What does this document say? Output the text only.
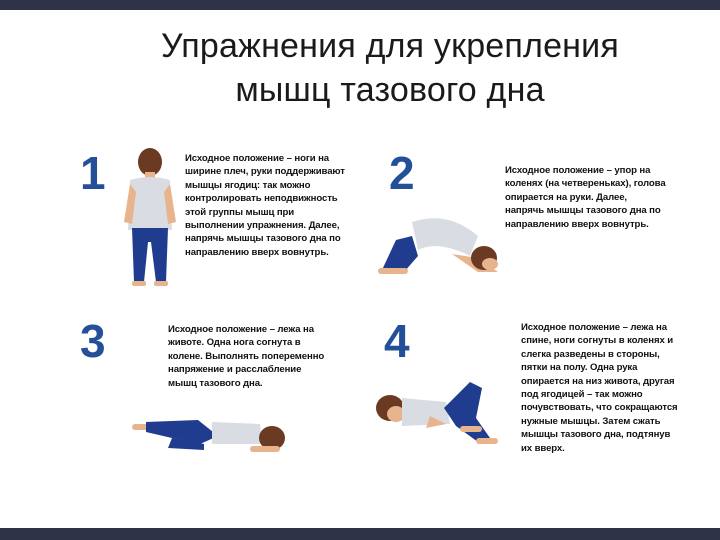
Упражнения для укрепления
мышц тазового дна
1	Исходное положение – ноги на ширине плеч, руки поддерживают мышцы ягодиц: так можно контролировать неподвижность этой группы мышц при выполнении упражнения. Далее, напрячь мышцы тазового дна по направлению вверх вовнутрь.
2	Исходное положение – упор на коленях (на четвереньках), голова опирается на руки. Далее, напрячь мышцы тазового дна по направлению вверх вовнутрь.
3	Исходное положение – лежа на животе. Одна нога согнута в колене. Выполнять попеременно напряжение и расслабление мышц тазового дна.
4	Исходное положение – лежа на спине, ноги согнуты в коленях и слегка разведены в стороны, пятки на полу. Одна рука опирается на низ живота, другая под ягодицей – так можно почувствовать, что сокращаются нужные мышцы. Затем сжать мышцы тазового дна, подтянув их вверх.
